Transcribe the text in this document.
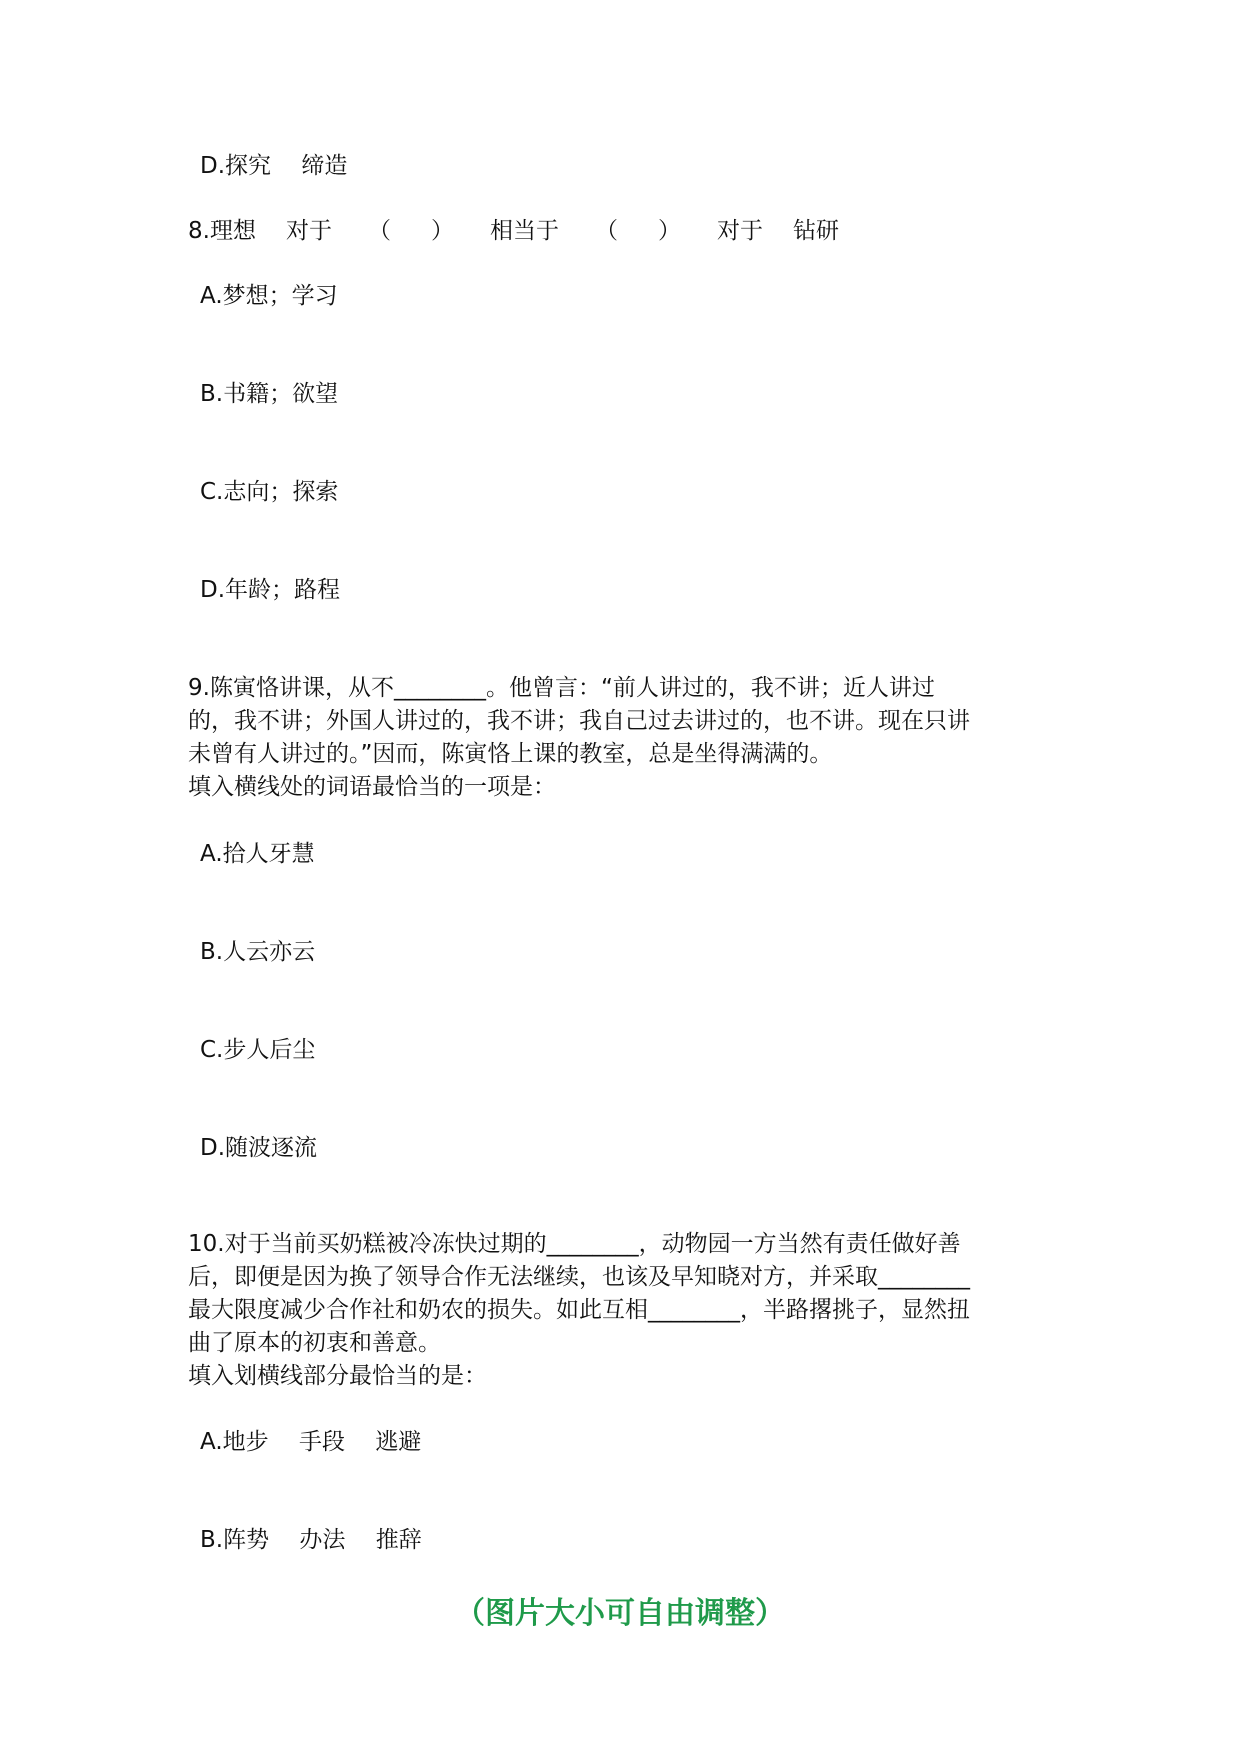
D.探究　 缔造

8.理想 对于 （ ） 相当于 （ ） 对于 钻研

A.梦想；学习

B.书籍；欲望

C.志向；探索

D.年龄；路程

9.陈寅恪讲课，从不________。他曾言：“前人讲过的，我不讲；近人讲过
的，我不讲；外国人讲过的，我不讲；我自己过去讲过的，也不讲。现在只讲
未曾有人讲过的。”因而，陈寅恪上课的教室，总是坐得满满的。
填入横线处的词语最恰当的一项是：

A.拾人牙慧

B.人云亦云

C.步人后尘

D.随波逐流

10.对于当前买奶糕被冷冻快过期的________，动物园一方当然有责任做好善
后，即便是因为换了领导合作无法继续，也该及早知晓对方，并采取________
最大限度减少合作社和奶农的损失。如此互相________，半路撂挑子，显然扭
曲了原本的初衷和善意。
填入划横线部分最恰当的是：

A.地步　 手段　 逃避

B.阵势　 办法　 推辞

（图片大小可自由调整）
